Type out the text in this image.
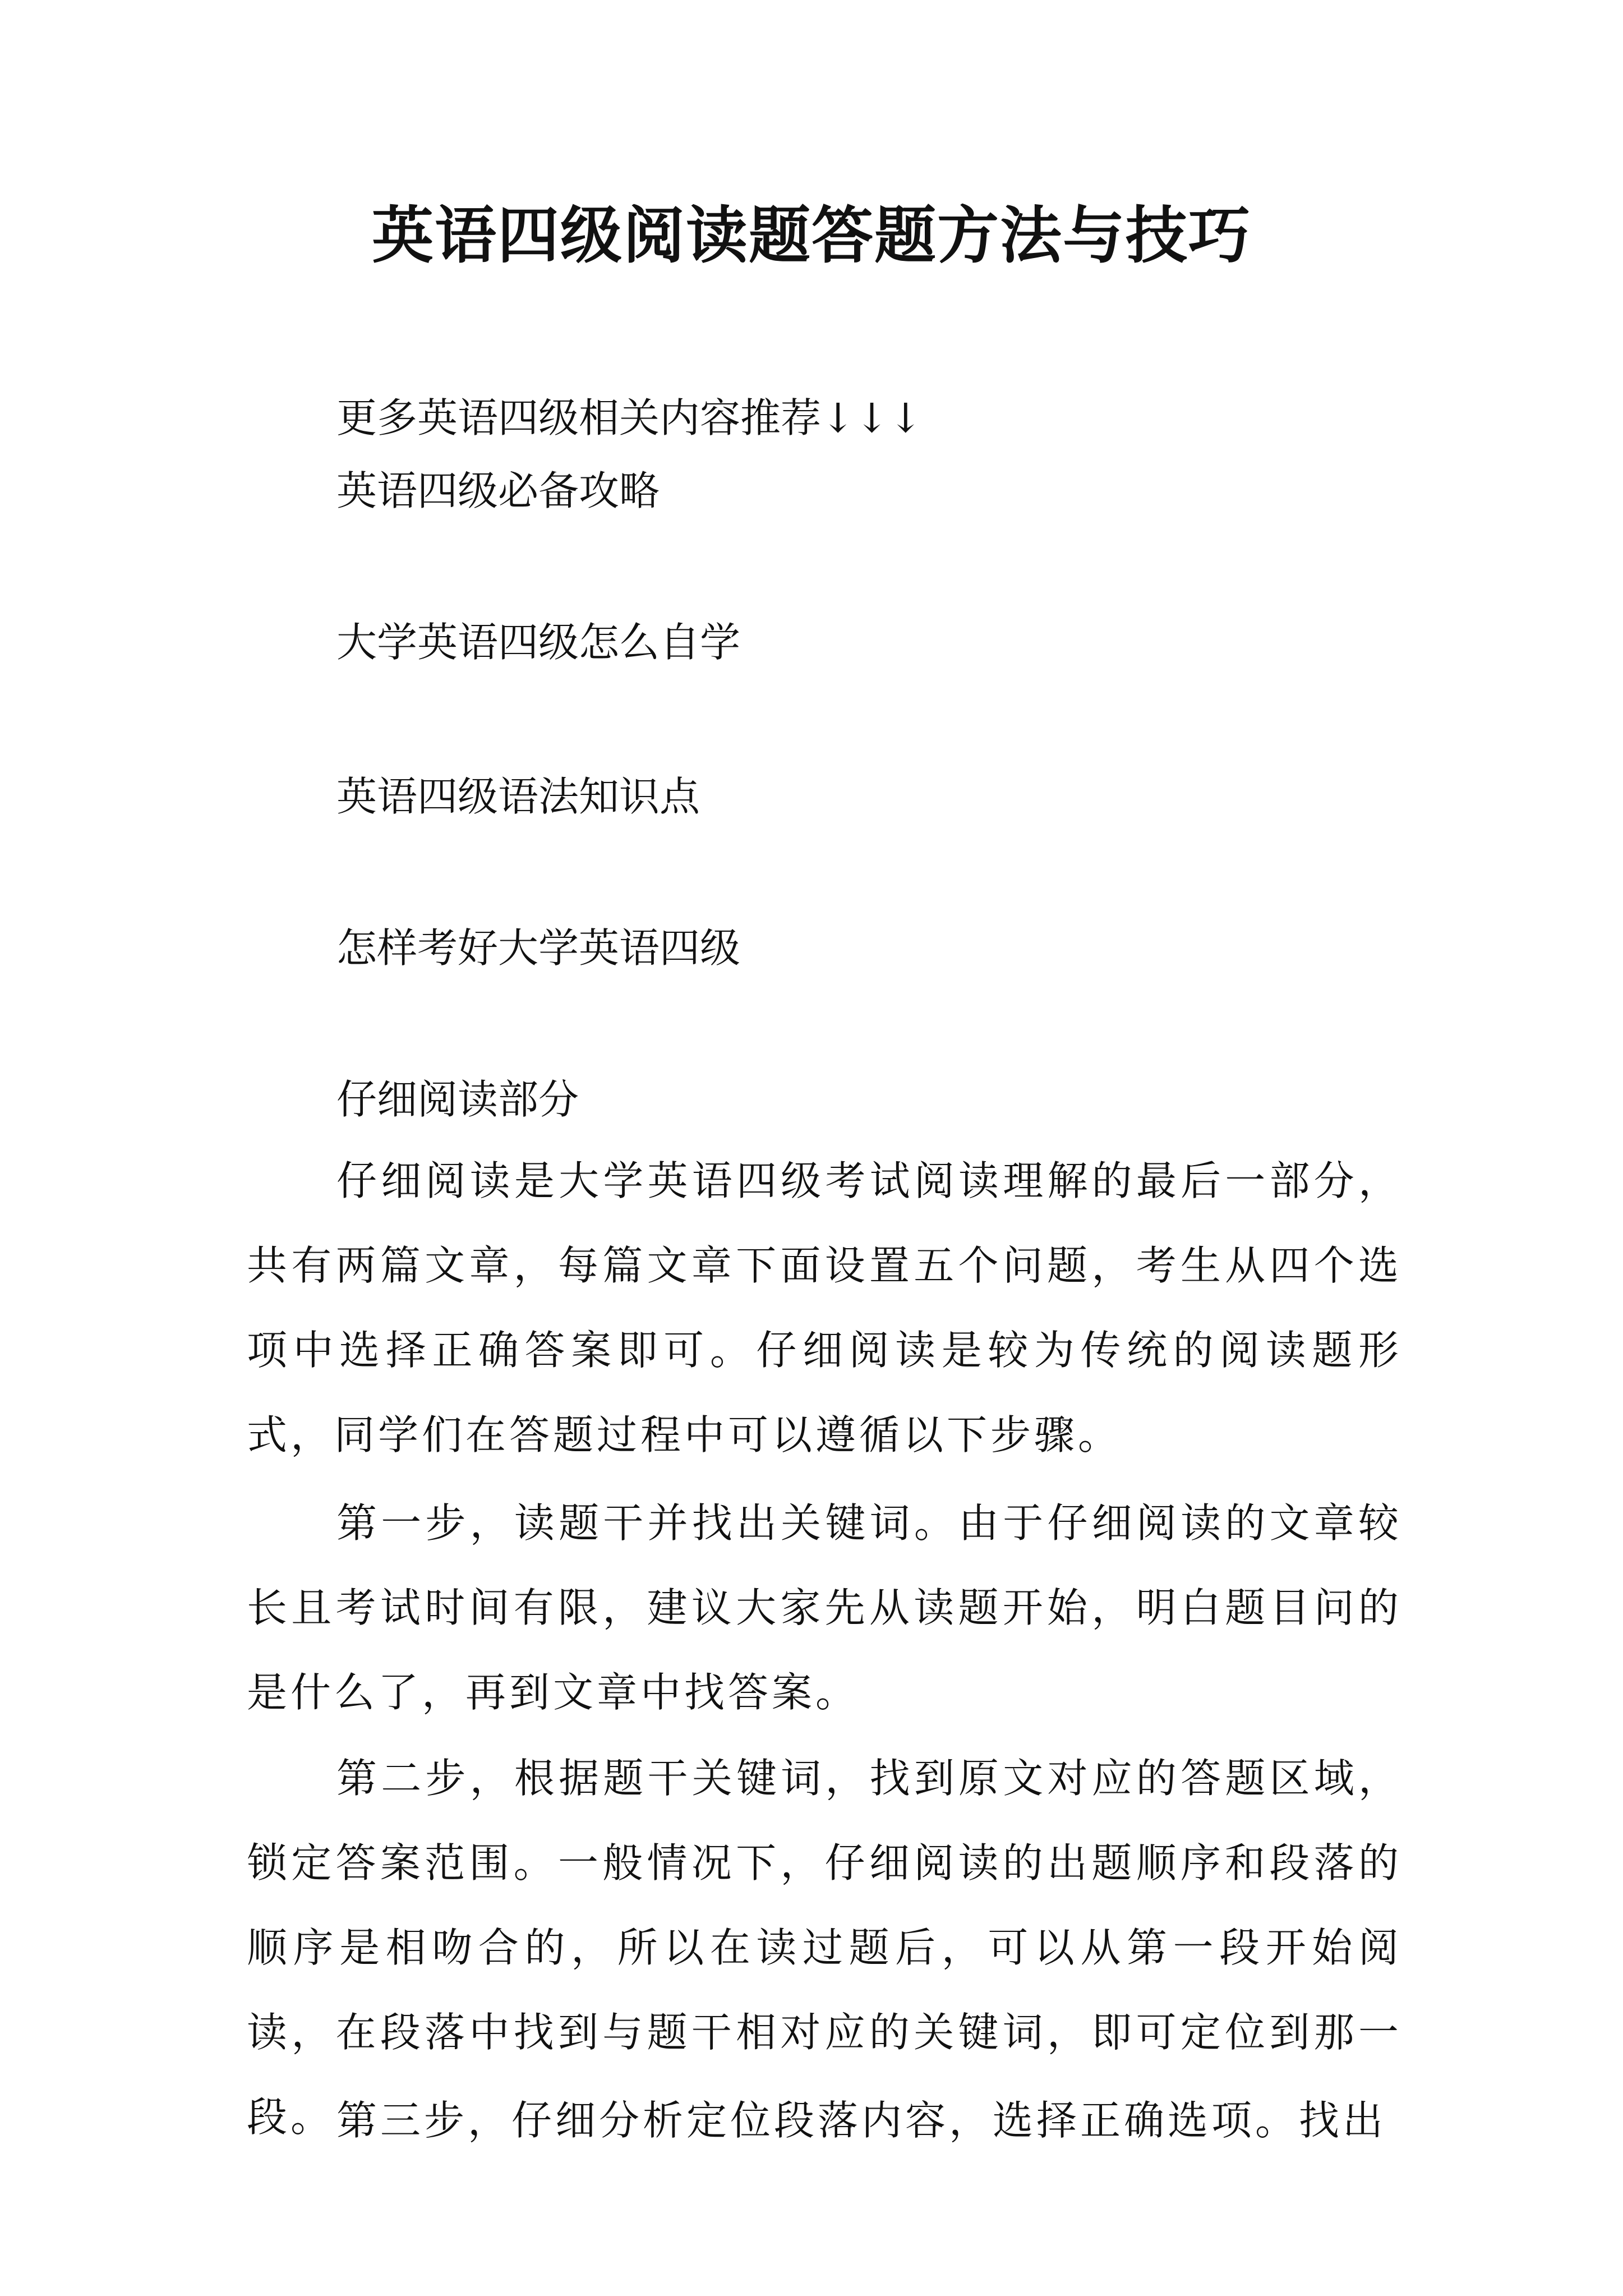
英语四级阅读题答题方法与技巧
更多英语四级相关内容推荐↓↓↓
英语四级必备攻略
大学英语四级怎么自学
英语四级语法知识点
怎样考好大学英语四级
仔细阅读部分

仔细阅读是大学英语四级考试阅读理解的最后一部分，共有两篇文章，每篇文章下面设置五个问题，考生从四个选项中选择正确答案即可。仔细阅读是较为传统的阅读题形式，同学们在答题过程中可以遵循以下步骤。

第一步，读题干并找出关键词。由于仔细阅读的文章较长且考试时间有限，建议大家先从读题开始，明白题目问的是什么了，再到文章中找答案。

第二步，根据题干关键词，找到原文对应的答题区域，锁定答案范围。一般情况下，仔细阅读的出题顺序和段落的顺序是相吻合的，所以在读过题后，可以从第一段开始阅读，在段落中找到与题干相对应的关键词，即可定位到那一段。 第三步，仔细分析定位段落内容，选择正确选项。找出
